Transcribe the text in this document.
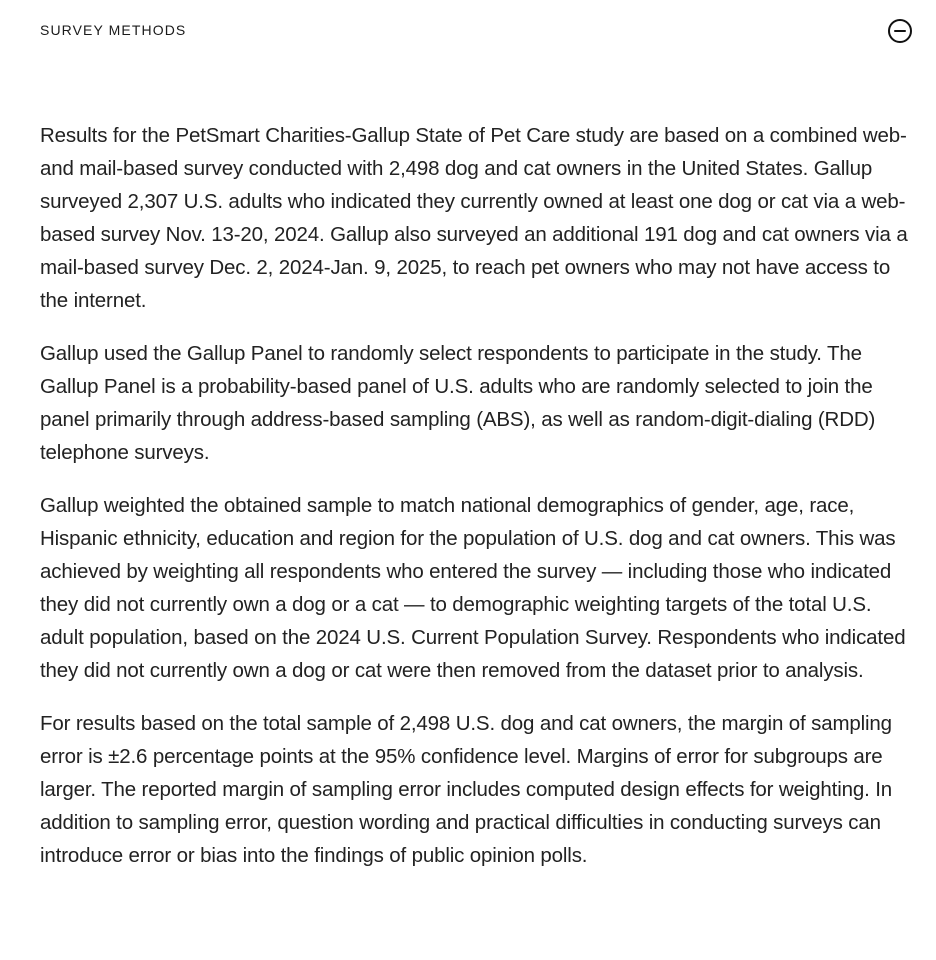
SURVEY METHODS

Results for the PetSmart Charities-Gallup State of Pet Care study are based on a combined web- and mail-based survey conducted with 2,498 dog and cat owners in the United States. Gallup surveyed 2,307 U.S. adults who indicated they currently owned at least one dog or cat via a web-based survey Nov. 13-20, 2024. Gallup also surveyed an additional 191 dog and cat owners via a mail-based survey Dec. 2, 2024-Jan. 9, 2025, to reach pet owners who may not have access to the internet.

Gallup used the Gallup Panel to randomly select respondents to participate in the study. The Gallup Panel is a probability-based panel of U.S. adults who are randomly selected to join the panel primarily through address-based sampling (ABS), as well as random-digit-dialing (RDD) telephone surveys.

Gallup weighted the obtained sample to match national demographics of gender, age, race, Hispanic ethnicity, education and region for the population of U.S. dog and cat owners. This was achieved by weighting all respondents who entered the survey — including those who indicated they did not currently own a dog or a cat — to demographic weighting targets of the total U.S. adult population, based on the 2024 U.S. Current Population Survey. Respondents who indicated they did not currently own a dog or cat were then removed from the dataset prior to analysis.

For results based on the total sample of 2,498 U.S. dog and cat owners, the margin of sampling error is ±2.6 percentage points at the 95% confidence level. Margins of error for subgroups are larger. The reported margin of sampling error includes computed design effects for weighting. In addition to sampling error, question wording and practical difficulties in conducting surveys can introduce error or bias into the findings of public opinion polls.
